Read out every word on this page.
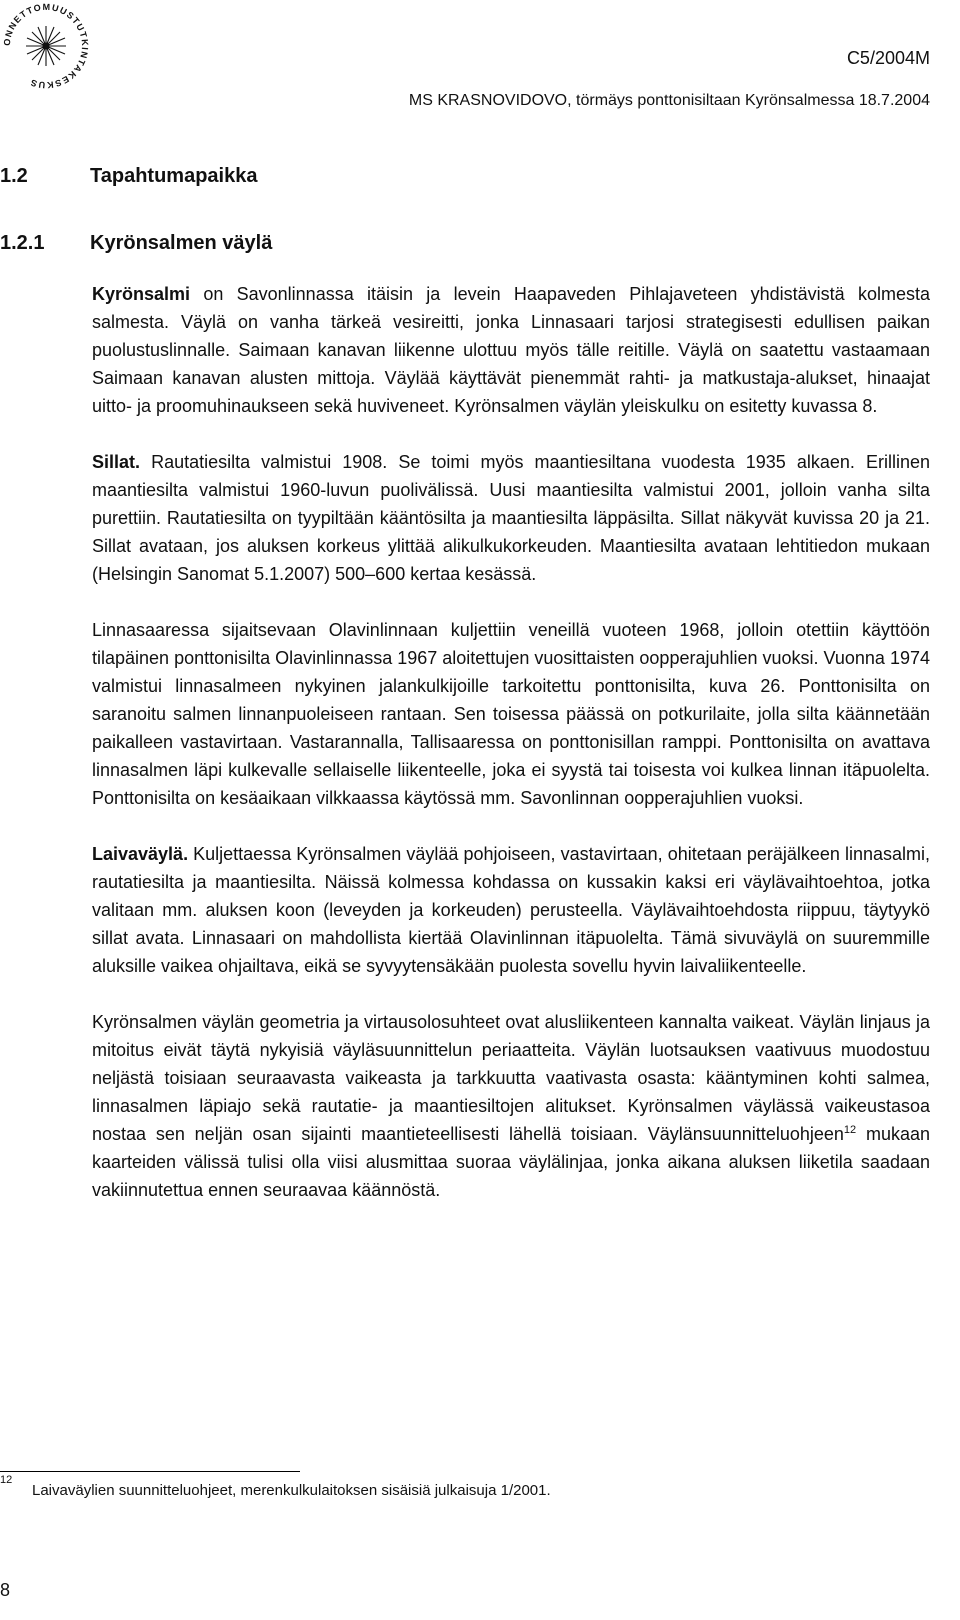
ONNETTOMUUSTUTKINTAKESKUS
C5/2004M
MS KRASNOVIDOVO, törmäys ponttonisiltaan Kyrönsalmessa 18.7.2004
1.2	Tapahtumapaikka
1.2.1 Kyrönsalmen väylä

Kyrönsalmi on Savonlinnassa itäisin ja levein Haapaveden Pihlajaveteen yhdistävistä kolmesta salmesta. Väylä on vanha tärkeä vesireitti, jonka Linnasaari tarjosi strategisesti edullisen paikan puolustuslinnalle. Saimaan kanavan liikenne ulottuu myös tälle reitille. Väylä on saatettu vastaamaan Saimaan kanavan alusten mittoja. Väylää käyttävät pienemmät rahti- ja matkustaja-alukset, hinaajat uitto- ja proomuhinaukseen sekä huviveneet. Kyrönsalmen väylän yleiskulku on esitetty kuvassa 8.

Sillat. Rautatiesilta valmistui 1908. Se toimi myös maantiesiltana vuodesta 1935 alkaen. Erillinen maantiesilta valmistui 1960-luvun puolivälissä. Uusi maantiesilta valmistui 2001, jolloin vanha silta purettiin. Rautatiesilta on tyypiltään kääntösilta ja maantiesilta läppäsilta. Sillat näkyvät kuvissa 20 ja 21. Sillat avataan, jos aluksen korkeus ylittää alikulkukorkeuden. Maantiesilta avataan lehtitiedon mukaan (Helsingin Sanomat 5.1.2007) 500–600 kertaa kesässä.

Linnasaaressa sijaitsevaan Olavinlinnaan kuljettiin veneillä vuoteen 1968, jolloin otettiin käyttöön tilapäinen ponttonisilta Olavinlinnassa 1967 aloitettujen vuosittaisten oopperajuhlien vuoksi. Vuonna 1974 valmistui linnasalmeen nykyinen jalankulkijoille tarkoitettu ponttonisilta, kuva 26. Ponttonisilta on saranoitu salmen linnanpuoleiseen rantaan. Sen toisessa päässä on potkurilaite, jolla silta käännetään paikalleen vastavirtaan. Vastarannalla, Tallisaaressa on ponttonisillan ramppi. Ponttonisilta on avattava linnasalmen läpi kulkevalle sellaiselle liikenteelle, joka ei syystä tai toisesta voi kulkea linnan itäpuolelta. Ponttonisilta on kesäaikaan vilkkaassa käytössä mm. Savonlinnan oopperajuhlien vuoksi.

Laivaväylä. Kuljettaessa Kyrönsalmen väylää pohjoiseen, vastavirtaan, ohitetaan peräjälkeen linnasalmi, rautatiesilta ja maantiesilta. Näissä kolmessa kohdassa on kussakin kaksi eri väylävaihtoehtoa, jotka valitaan mm. aluksen koon (leveyden ja korkeuden) perusteella. Väylävaihtoehdosta riippuu, täytyykö sillat avata. Linnasaari on mahdollista kiertää Olavinlinnan itäpuolelta. Tämä sivuväylä on suuremmille aluksille vaikea ohjailtava, eikä se syvyytensäkään puolesta sovellu hyvin laivaliikenteelle.

Kyrönsalmen väylän geometria ja virtausolosuhteet ovat alusliikenteen kannalta vaikeat. Väylän linjaus ja mitoitus eivät täytä nykyisiä väyläsuunnittelun periaatteita. Väylän luotsauksen vaativuus muodostuu neljästä toisiaan seuraavasta vaikeasta ja tarkkuutta vaativasta osasta: kääntyminen kohti salmea, linnasalmen läpiajo sekä rautatie- ja maantiesiltojen alitukset. Kyrönsalmen väylässä vaikeustasoa nostaa sen neljän osan sijainti maantieteellisesti lähellä toisiaan. Väylänsuunnitteluohjeen$^{12}$ mukaan kaarteiden välissä tulisi olla viisi alusmittaa suoraa väylälinjaa, jonka aikana aluksen liiketila saadaan vakiinnutettua ennen seuraavaa käännöstä.

12
Laivaväylien suunnitteluohjeet, merenkulkulaitoksen sisäisiä julkaisuja 1/2001.
8
